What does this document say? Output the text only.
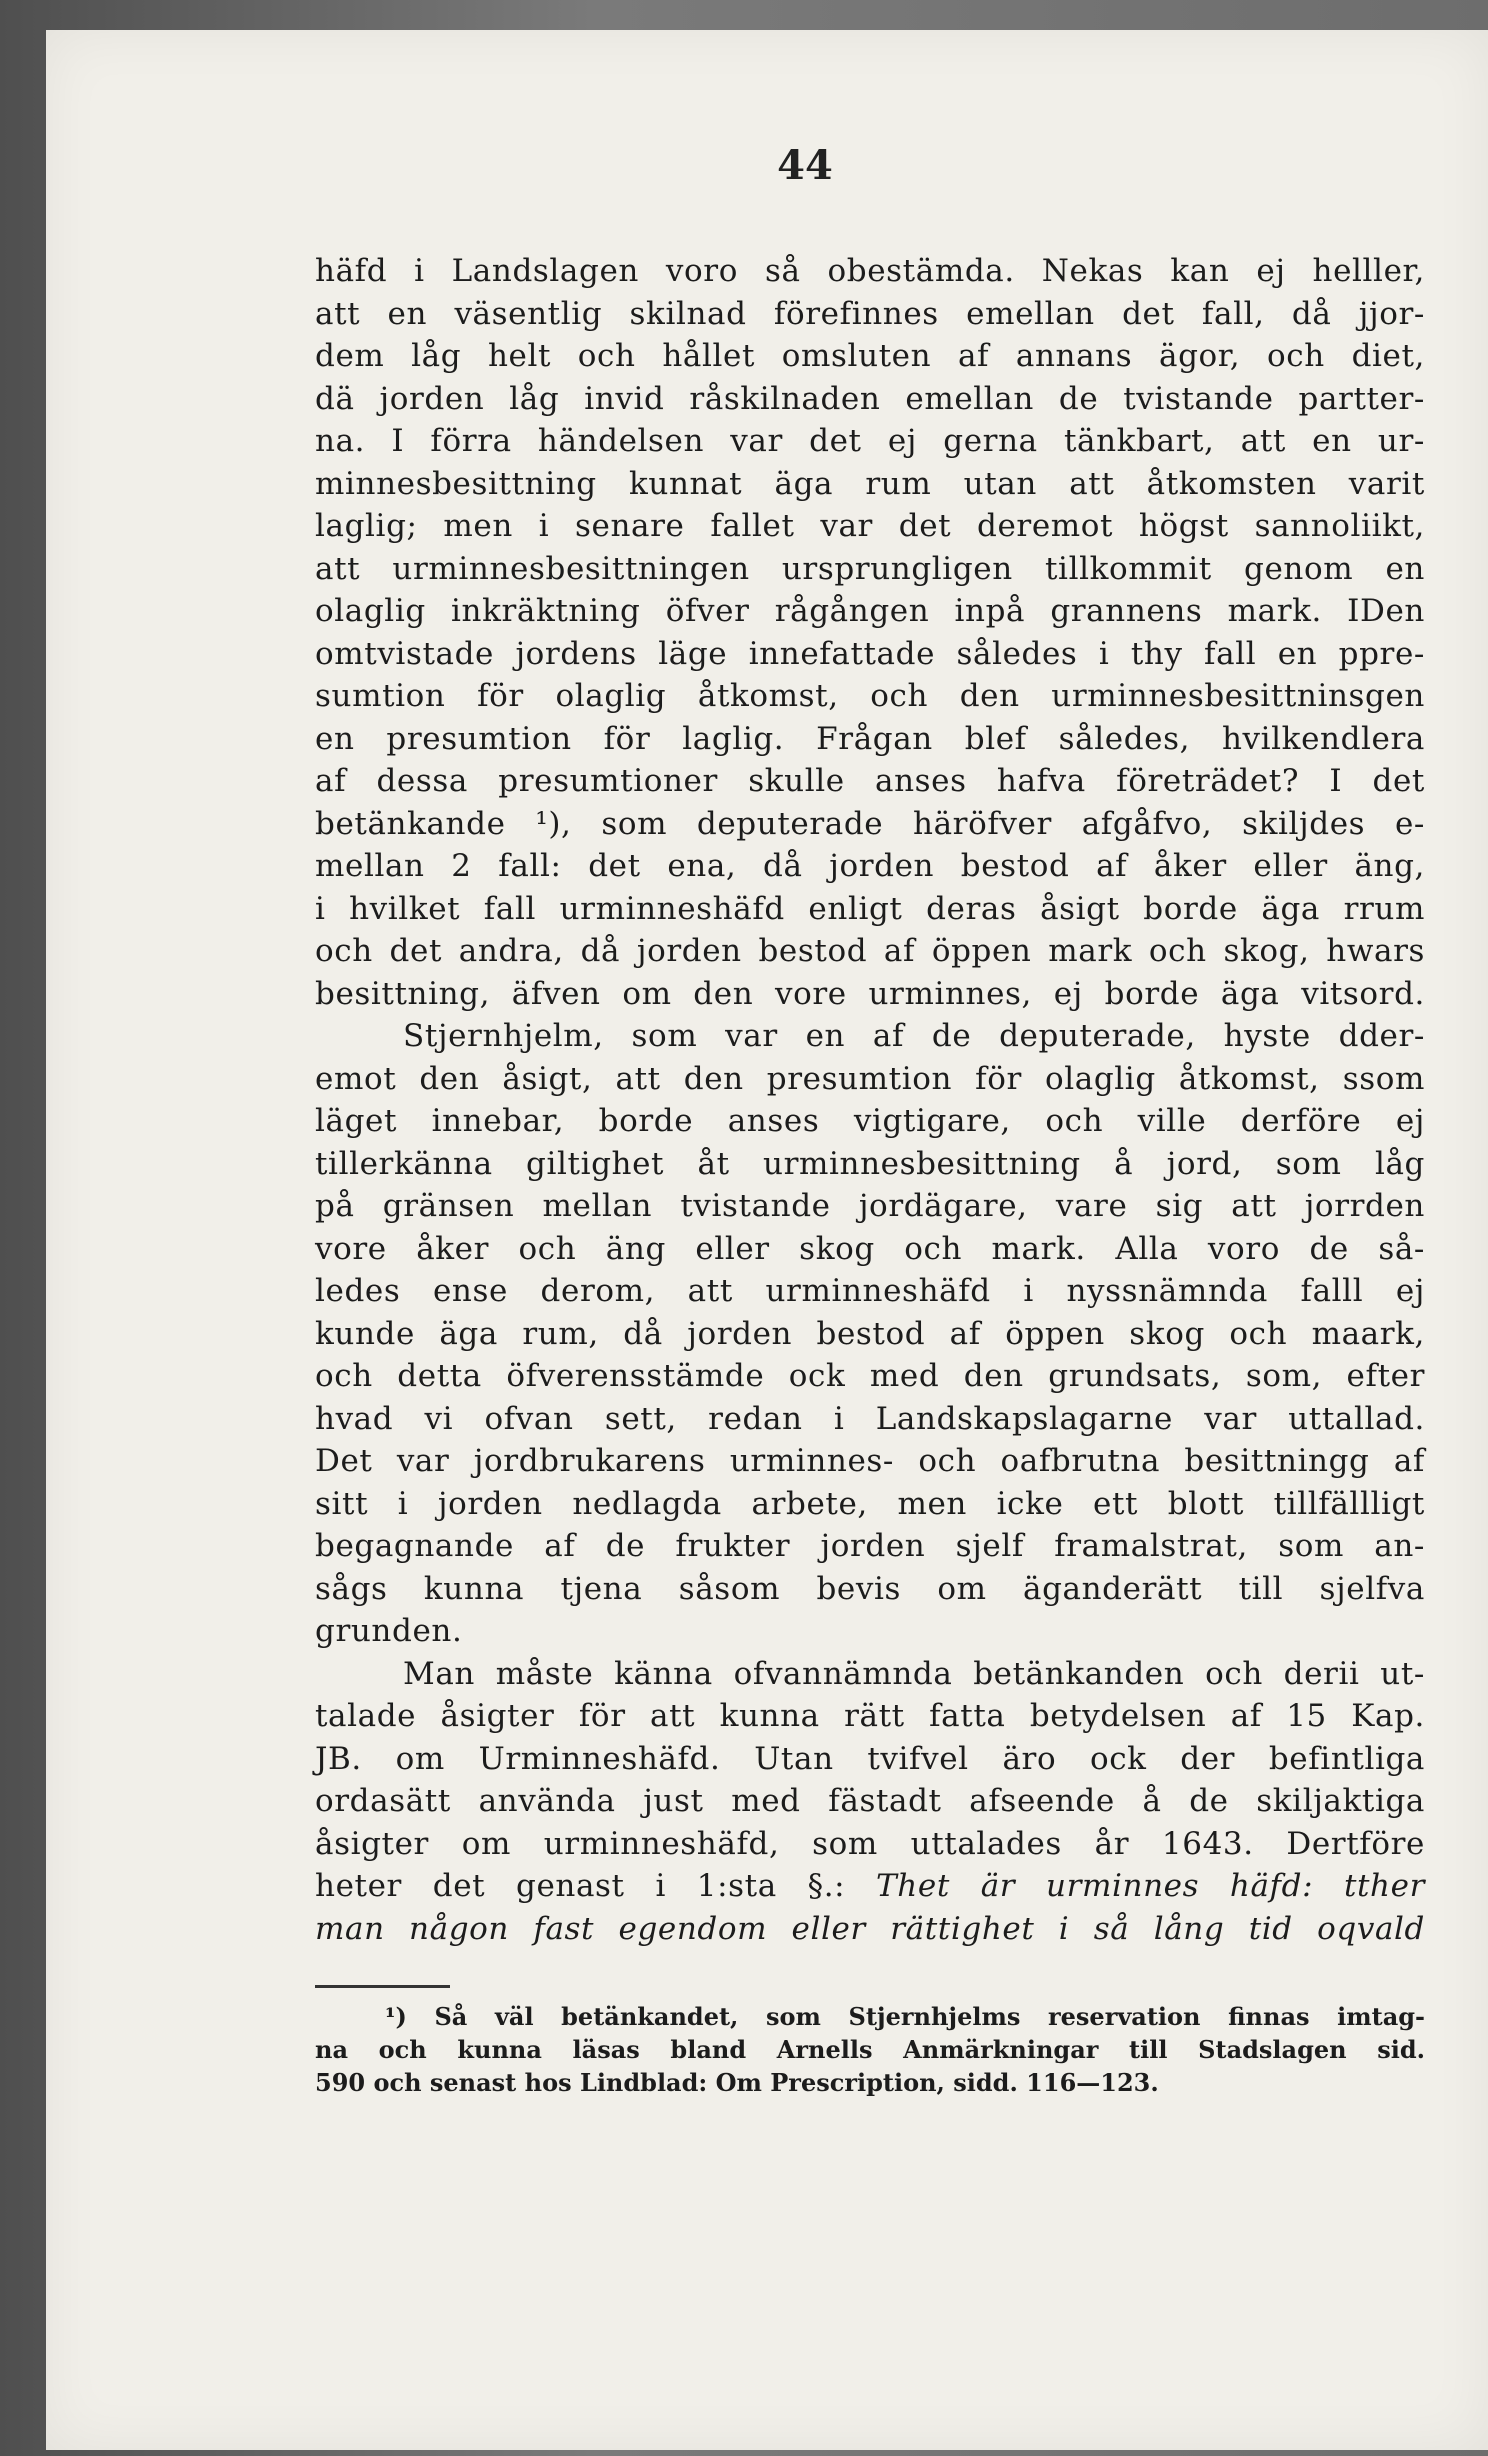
44
häfd i Landslagen voro så obestämda. Nekas kan ej helller,
att en väsentlig skilnad förefinnes emellan det fall, då jjor-
dem låg helt och hållet omsluten af annans ägor, och diet,
dä jorden låg invid råskilnaden emellan de tvistande partter-
na. I förra händelsen var det ej gerna tänkbart, att en ur-
minnesbesittning kunnat äga rum utan att åtkomsten varit
laglig; men i senare fallet var det deremot högst sannoliikt,
att urminnesbesittningen ursprungligen tillkommit genom en
olaglig inkräktning öfver rågången inpå grannens mark. IDen
omtvistade jordens läge innefattade således i thy fall en ppre-
sumtion för olaglig åtkomst, och den urminnesbesittninsgen
en presumtion för laglig. Frågan blef således, hvilkendlera
af dessa presumtioner skulle anses hafva företrädet? I det
betänkande ¹), som deputerade häröfver afgåfvo, skiljdes e-
mellan 2 fall: det ena, då jorden bestod af åker eller äng,
i hvilket fall urminneshäfd enligt deras åsigt borde äga rrum
och det andra, då jorden bestod af öppen mark och skog, hwars
besittning, äfven om den vore urminnes, ej borde äga vitsord.
Stjernhjelm, som var en af de deputerade, hyste dder-
emot den åsigt, att den presumtion för olaglig åtkomst, ssom
läget innebar, borde anses vigtigare, och ville derföre ej
tillerkänna giltighet åt urminnesbesittning å jord, som låg
på gränsen mellan tvistande jordägare, vare sig att jorrden
vore åker och äng eller skog och mark. Alla voro de så-
ledes ense derom, att urminneshäfd i nyssnämnda falll ej
kunde äga rum, då jorden bestod af öppen skog och maark,
och detta öfverensstämde ock med den grundsats, som, efter
hvad vi ofvan sett, redan i Landskapslagarne var uttallad.
Det var jordbrukarens urminnes- och oafbrutna besittningg af
sitt i jorden nedlagda arbete, men icke ett blott tillfällligt
begagnande af de frukter jorden sjelf framalstrat, som an-
sågs kunna tjena såsom bevis om äganderätt till sjelfva
grunden.
Man måste känna ofvannämnda betänkanden och derii ut-
talade åsigter för att kunna rätt fatta betydelsen af 15 Kap.
JB. om Urminneshäfd. Utan tvifvel äro ock der befintliga
ordasätt använda just med fästadt afseende å de skiljaktiga
åsigter om urminneshäfd, som uttalades år 1643. Dertföre
heter det genast i 1:sta §.: Thet är urminnes häfd: tther
man någon fast egendom eller rättighet i så lång tid oqvald
¹) Så väl betänkandet, som Stjernhjelms reservation finnas imtag-
na och kunna läsas bland Arnells Anmärkningar till Stadslagen sid.
590 och senast hos Lindblad: Om Prescription, sidd. 116—123.
